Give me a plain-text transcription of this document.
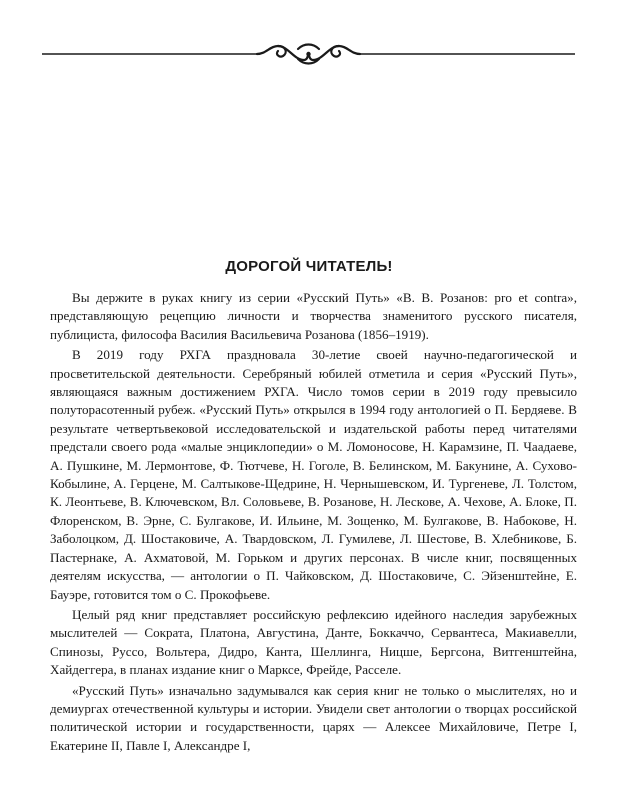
ДОРОГОЙ ЧИТАТЕЛЬ!

Вы держите в руках книгу из серии «Русский Путь» «В. В. Розанов: pro et contra», представляющую рецепцию личности и творчества знаменитого русского писателя, публициста, философа Василия Васильевича Розанова (1856–1919).

В 2019 году РХГА праздновала 30-летие своей научно-педагогической и просветительской деятельности. Серебряный юбилей отметила и серия «Русский Путь», являющаяся важным достижением РХГА. Число томов серии в 2019 году превысило полуторасотенный рубеж. «Русский Путь» открылся в 1994 году антологией о П. Бердяеве. В результате четвертьвековой исследовательской и издательской работы перед читателями предстали своего рода «малые энциклопедии» о М. Ломоносове, Н. Карамзине, П. Чаадаеве, А. Пушкине, М. Лермонтове, Ф. Тютчеве, Н. Гоголе, В. Белинском, М. Бакунине, А. Сухово-Кобылине, А. Герцене, М. Салтыкове-Щедрине, Н. Чернышевском, И. Тургеневе, Л. Толстом, К. Леонтьеве, В. Ключевском, Вл. Соловьеве, В. Розанове, Н. Лескове, А. Чехове, А. Блоке, П. Флоренском, В. Эрне, С. Булгакове, И. Ильине, М. Зощенко, М. Булгакове, В. Набокове, Н. Заболоцком, Д. Шостаковиче, А. Твардовском, Л. Гумилеве, Л. Шестове, В. Хлебникове, Б. Пастернаке, А. Ахматовой, М. Горьком и других персонах. В числе книг, посвященных деятелям искусства, — антологии о П. Чайковском, Д. Шостаковиче, С. Эйзенштейне, Е. Бауэре, готовится том о С. Прокофьеве.

Целый ряд книг представляет российскую рефлексию идейного наследия зарубежных мыслителей — Сократа, Платона, Августина, Данте, Боккаччо, Сервантеса, Макиавелли, Спинозы, Руссо, Вольтера, Дидро, Канта, Шеллинга, Ницше, Бергсона, Витгенштейна, Хайдеггера, в планах издание книг о Марксе, Фрейде, Расселе.

«Русский Путь» изначально задумывался как серия книг не только о мыслителях, но и демиургах отечественной культуры и истории. Увидели свет антологии о творцах российской политической истории и государственности, царях — Алексее Михайловиче, Петре I, Екатерине II, Павле I, Александре I,
